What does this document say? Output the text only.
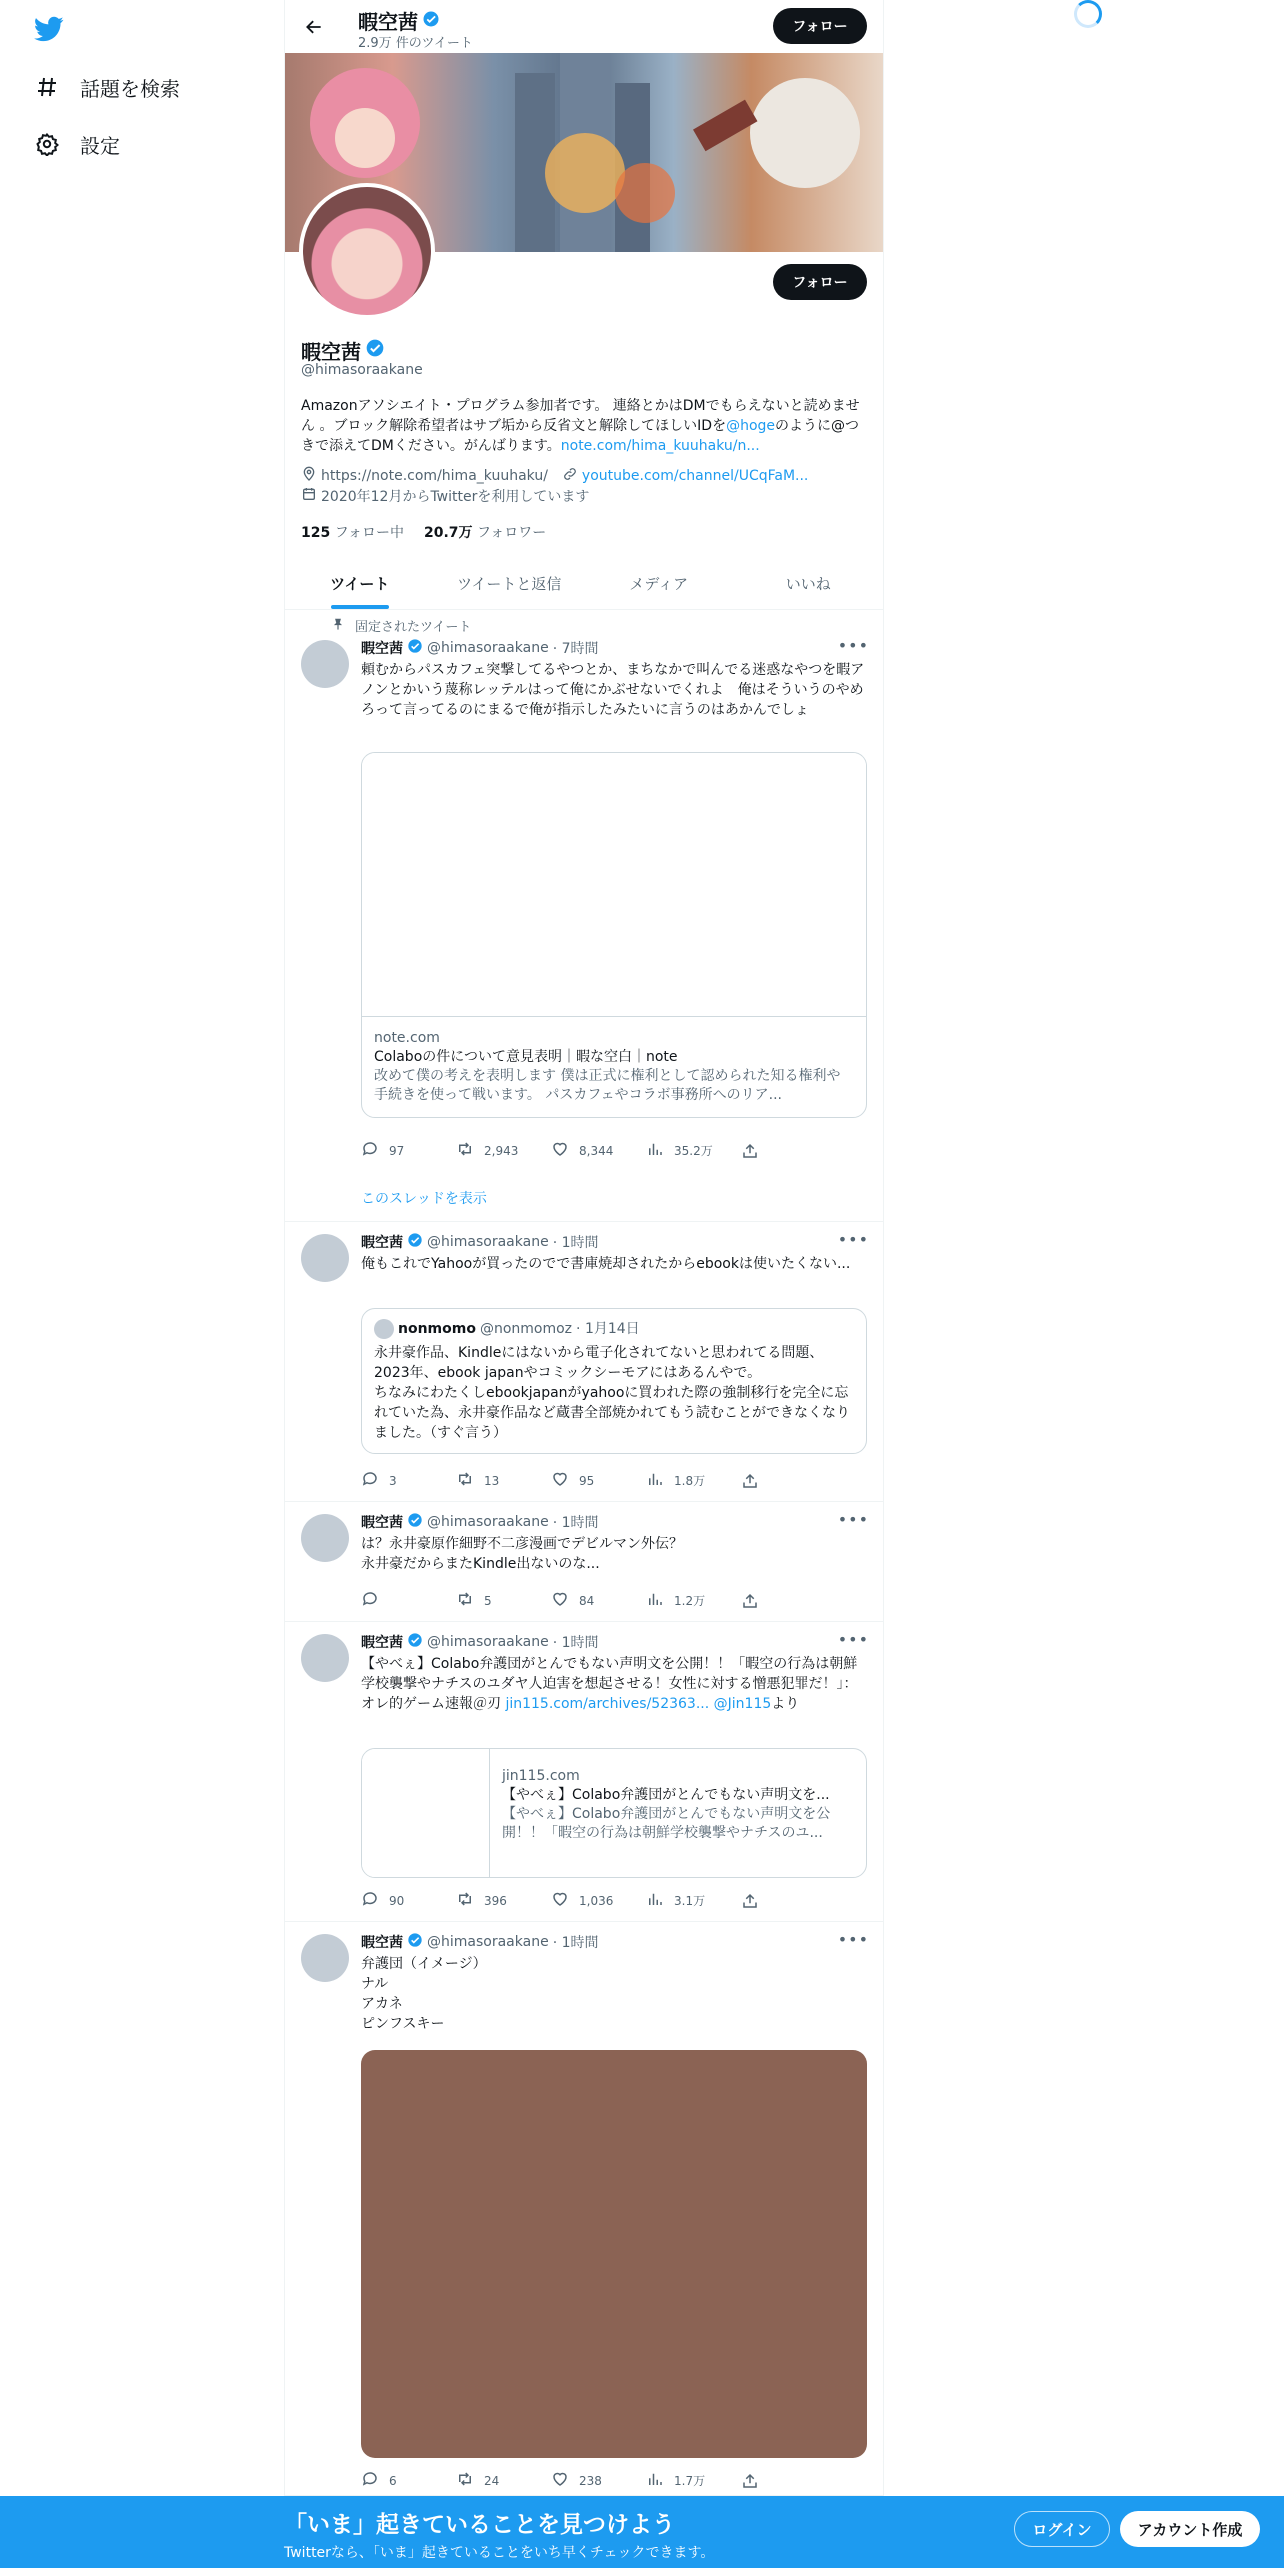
話題を検索
設定
暇空茜
2.9万 件のツイート
フォロー
フォロー
暇空茜
@himasoraakane
Amazonアソシエイト・プログラム参加者です。 連絡とかはDMでもらえないと読めません 。ブロック解除希望者はサブ垢から反省文と解除してほしいIDを@hogeのように@つきで添えてDMください。がんばります。note.com/hima_kuuhaku/n...
https://note.com/hima_kuuhaku/ youtube.com/channel/UCqFaM...
2020年12月からTwitterを利用しています
125 フォロー中 20.7万 フォロワー
ツイート	ツイートと返信	メディア	いいね
固定されたツイート
暇空茜 @himasoraakane · 7時間	•••
頼むからパスカフェ突撃してるやつとか、まちなかで叫んでる迷惑なやつを暇アノンとかいう蔑称レッテルはって俺にかぶせないでくれよ　俺はそういうのやめろって言ってるのにまるで俺が指示したみたいに言うのはあかんでしょ
note.com
Colaboの件について意見表明｜暇な空白｜note
改めて僕の考えを表明します 僕は正式に権利として認められた知る権利や手続きを使って戦います。 パスカフェやコラボ事務所へのリア...
97	2,943	8,344	35.2万
このスレッドを表示
暇空茜 @himasoraakane · 1時間	•••
俺もこれでYahooが買ったのでで書庫焼却されたからebookは使いたくない...
nonmomo @nonmomoz · 1月14日
永井豪作品、Kindleにはないから電子化されてないと思われてる問題、2023年、ebook japanやコミックシーモアにはあるんやで。
ちなみにわたくしebookjapanがyahooに買われた際の強制移行を完全に忘れていた為、永井豪作品など蔵書全部焼かれてもう読むことができなくなりました。（すぐ言う）
3	13	95	1.8万
暇空茜 @himasoraakane · 1時間	•••
は？永井豪原作細野不二彦漫画でデビルマン外伝？
永井豪だからまたKindle出ないのな...
5	84	1.2万
暇空茜 @himasoraakane · 1時間	•••
【やべぇ】Colabo弁護団がとんでもない声明文を公開！！「暇空の行為は朝鮮学校襲撃やナチスのユダヤ人迫害を想起させる！女性に対する憎悪犯罪だ！」：オレ的ゲーム速報＠刃 jin115.com/archives/52363... @Jin115より
jin115.com
【やべぇ】Colabo弁護団がとんでもない声明文を...
【やべぇ】Colabo弁護団がとんでもない声明文を公開！！「暇空の行為は朝鮮学校襲撃やナチスのユ...
90	396	1,036	3.1万
暇空茜 @himasoraakane · 1時間	•••
弁護団（イメージ）
ナル
アカネ
ピンフスキー
6	24	238	1.7万
「いま」起きていることを見つけよう
Twitterなら、「いま」起きていることをいち早くチェックできます。
ログイン	アカウント作成
